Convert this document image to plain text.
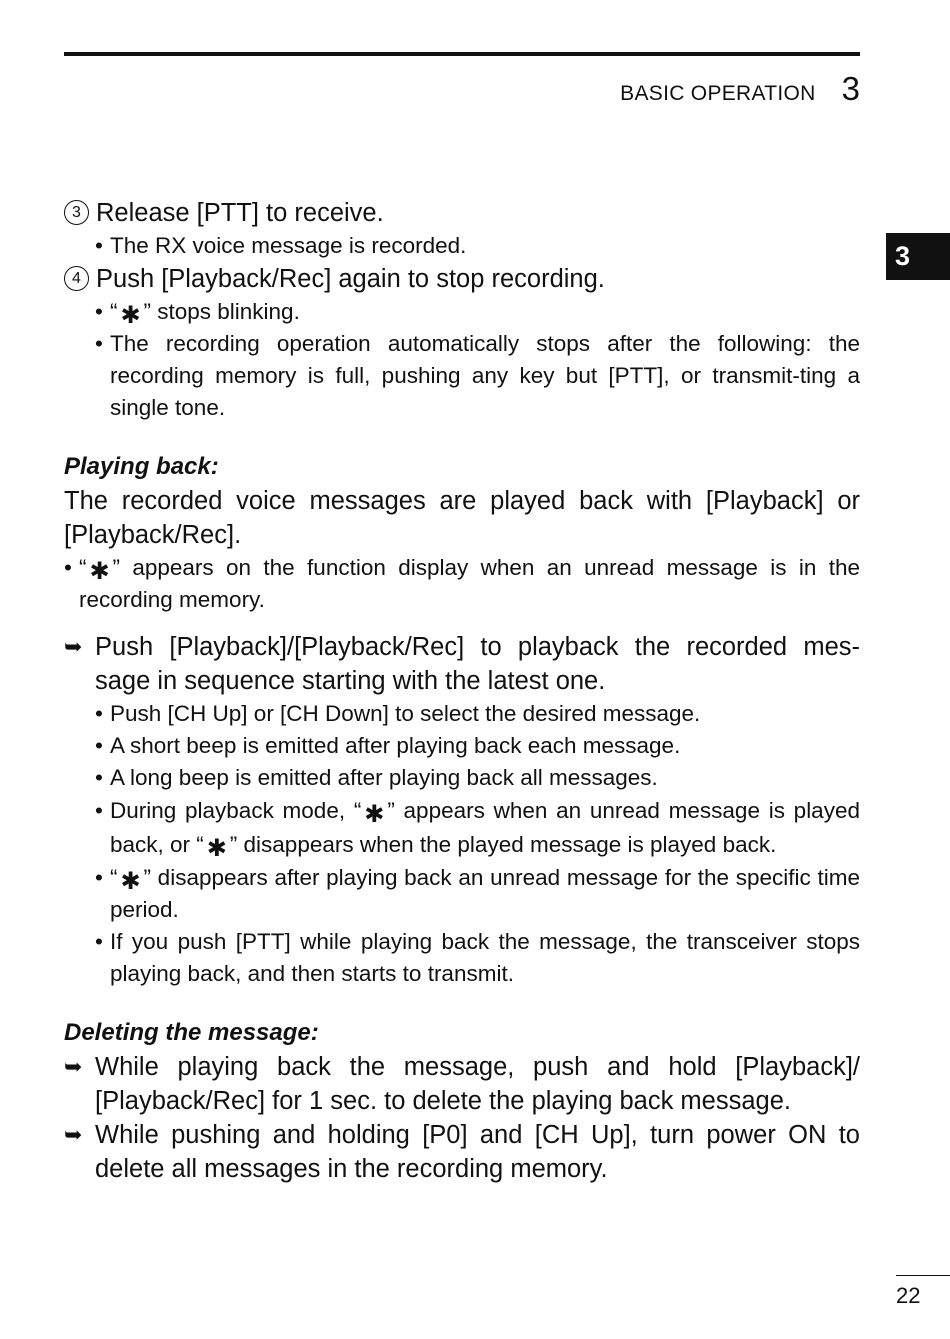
BASIC OPERATION 3
3
3 Release [PTT] to receive.
• The RX voice message is recorded.
4 Push [Playback/Rec] again to stop recording.
• “ ✱ ” stops blinking.
• The recording operation automatically stops after the following: the recording memory is full, pushing any key but [PTT], or transmit-ting a single tone.
Playing back:
The recorded voice messages are played back with [Playback] or [Playback/Rec].
• “ ✱ ” appears on the function display when an unread message is in the recording memory.
➥ Push [Playback]/[Playback/Rec] to playback the recorded mes-sage in sequence starting with the latest one.
• Push [CH Up] or [CH Down] to select the desired message.
• A short beep is emitted after playing back each message.
• A long beep is emitted after playing back all messages.
• During playback mode, “ ✱ ” appears when an unread message is played back, or “ ✱ ” disappears when the played message is played back.
• “ ✱ ” disappears after playing back an unread message for the specific time period.
• If you push [PTT] while playing back the message, the transceiver stops playing back, and then starts to transmit.
Deleting the message:
➥ While playing back the message, push and hold [Playback]/ [Playback/Rec] for 1 sec. to delete the playing back message.
➥ While pushing and holding [P0] and [CH Up], turn power ON to delete all messages in the recording memory.
22
